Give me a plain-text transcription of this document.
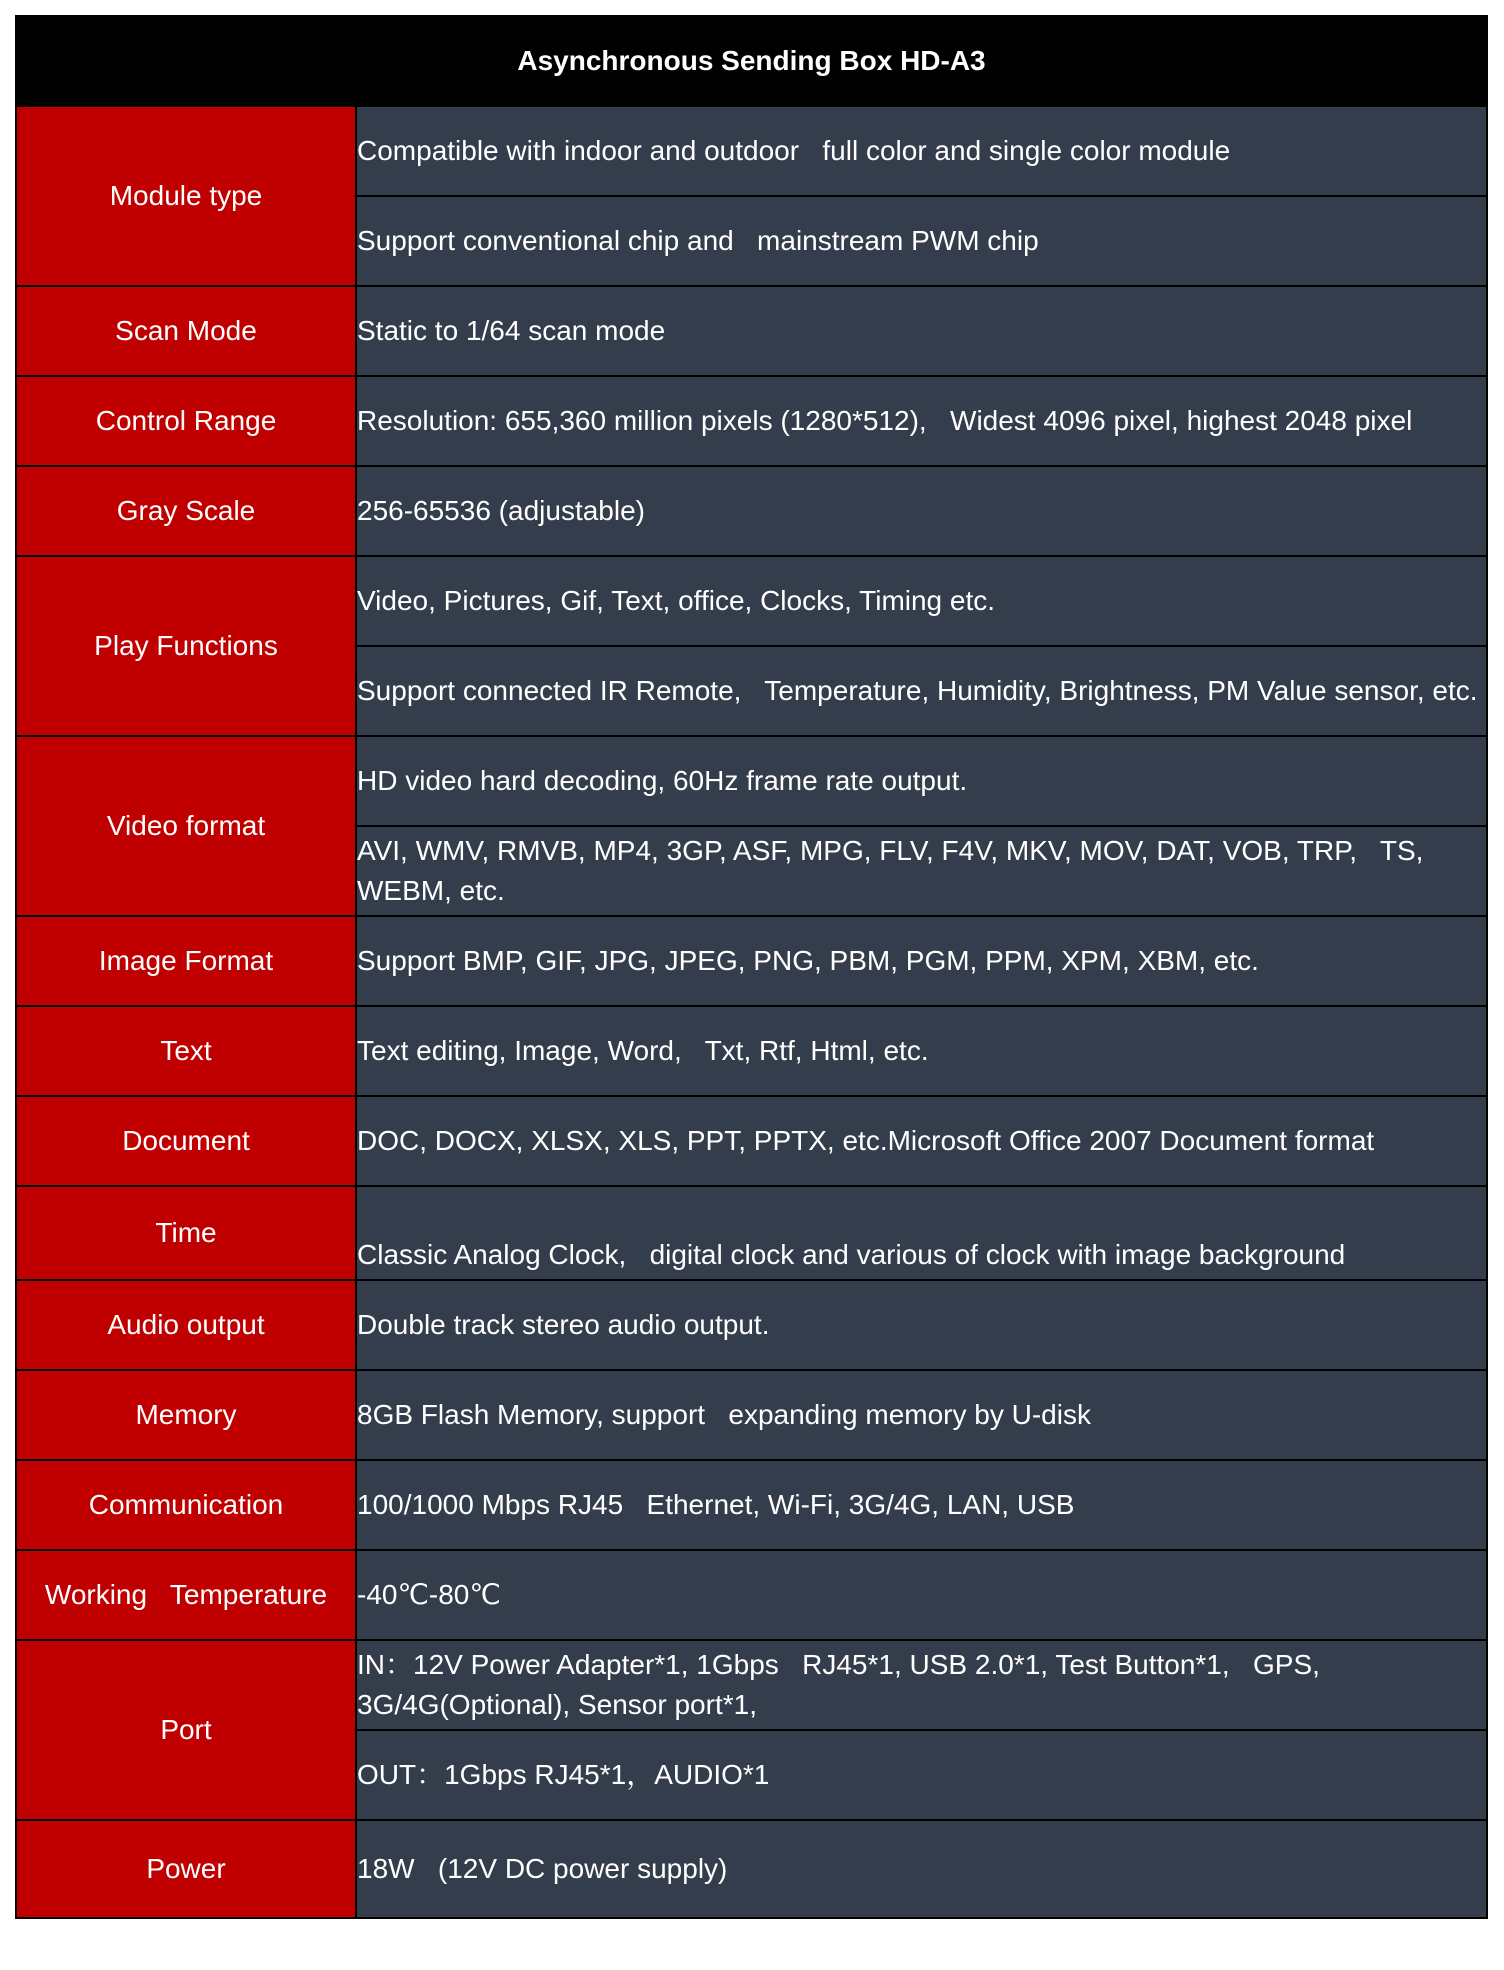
Asynchronous Sending Box HD-A3	
Module type	Compatible with indoor and outdoor   full color and single color module
	Support conventional chip and   mainstream PWM chip
Scan Mode	Static to 1/64 scan mode
Control Range	Resolution: 655,360 million pixels (1280*512),   Widest 4096 pixel, highest 2048 pixel
Gray Scale	256-65536 (adjustable)
Play Functions	Video, Pictures, Gif, Text, office, Clocks, Timing etc.
	Support connected IR Remote,   Temperature, Humidity, Brightness, PM Value sensor, etc.
Video format	HD video hard decoding, 60Hz frame rate output.
	AVI, WMV, RMVB, MP4, 3GP, ASF, MPG, FLV, F4V, MKV, MOV, DAT, VOB, TRP,   TS, WEBM, etc.
Image Format	Support BMP, GIF, JPG, JPEG, PNG, PBM, PGM, PPM, XPM, XBM, etc.
Text	Text editing, Image, Word,   Txt, Rtf, Html, etc.
Document	DOC, DOCX, XLSX, XLS, PPT, PPTX, etc.Microsoft Office 2007 Document format
Time	Classic Analog Clock,   digital clock and various of clock with image background
Audio output	Double track stereo audio output.
Memory	8GB Flash Memory, support   expanding memory by U-disk
Communication	100/1000 Mbps RJ45   Ethernet, Wi-Fi, 3G/4G, LAN, USB
Working   Temperature	-40℃-80℃
Port	IN：12V Power Adapter*1, 1Gbps   RJ45*1, USB 2.0*1, Test Button*1,   GPS, 3G/4G(Optional), Sensor port*1,
	OUT：1Gbps RJ45*1，AUDIO*1
Power	18W   (12V DC power supply)
